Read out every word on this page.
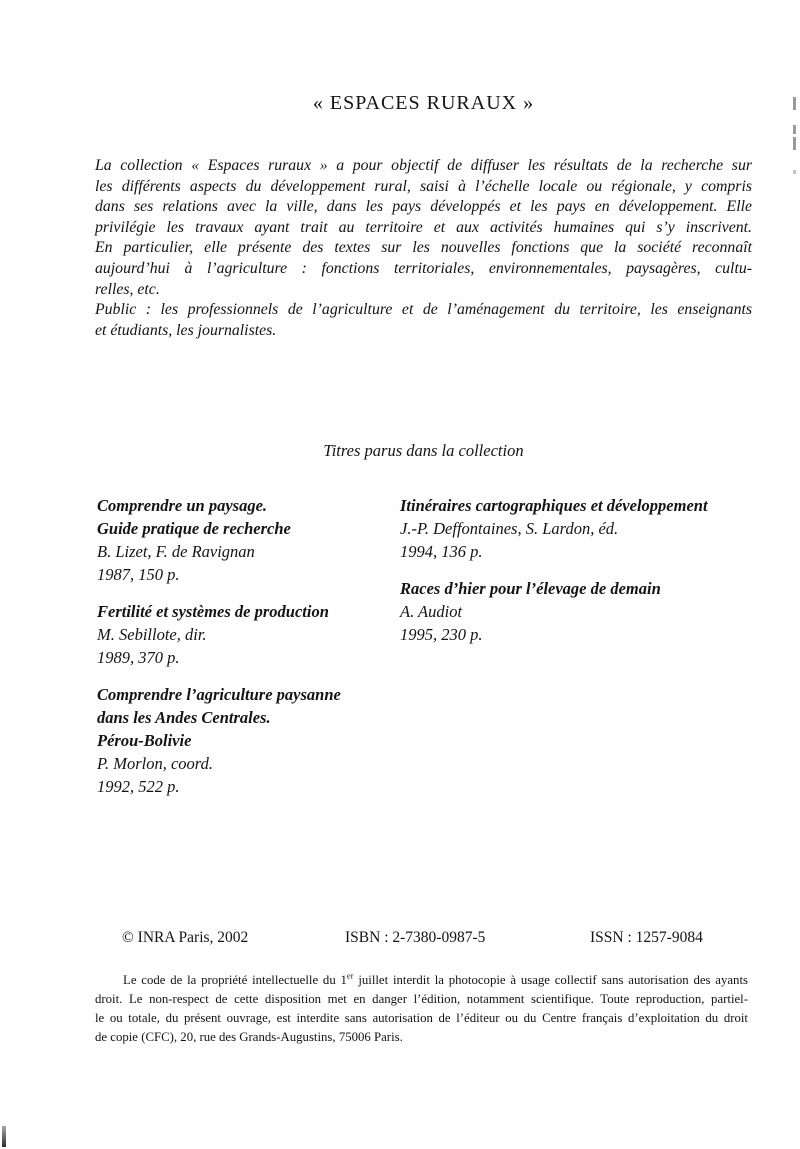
« ESPACES RURAUX »
La collection « Espaces ruraux » a pour objectif de diffuser les résultats de la recherche sur
les différents aspects du développement rural, saisi à l’échelle locale ou régionale, y compris
dans ses relations avec la ville, dans les pays développés et les pays en développement. Elle
privilégie les travaux ayant trait au territoire et aux activités humaines qui s’y inscrivent.
En particulier, elle présente des textes sur les nouvelles fonctions que la société reconnaît
aujourd’hui à l’agriculture : fonctions territoriales, environnementales, paysagères, cultu-
relles, etc.
Public : les professionnels de l’agriculture et de l’aménagement du territoire, les enseignants
et étudiants, les journalistes.
Titres parus dans la collection
Comprendre un paysage.
Guide pratique de recherche
B. Lizet, F. de Ravignan
1987, 150 p.
Fertilité et systèmes de production
M. Sebillote, dir.
1989, 370 p.
Comprendre l’agriculture paysanne
dans les Andes Centrales.
Pérou-Bolivie
P. Morlon, coord.
1992, 522 p.
Itinéraires cartographiques et développement
J.-P. Deffontaines, S. Lardon, éd.
1994, 136 p.
Races d’hier pour l’élevage de demain
A. Audiot
1995, 230 p.
© INRA Paris, 2002	ISBN : 2-7380-0987-5	ISSN : 1257-9084
Le code de la propriété intellectuelle du 1er juillet interdit la photocopie à usage collectif sans autorisation des ayants
droit. Le non-respect de cette disposition met en danger l’édition, notamment scientifique. Toute reproduction, partiel-
le ou totale, du présent ouvrage, est interdite sans autorisation de l’éditeur ou du Centre français d’exploitation du droit
de copie (CFC), 20, rue des Grands-Augustins, 75006 Paris.
